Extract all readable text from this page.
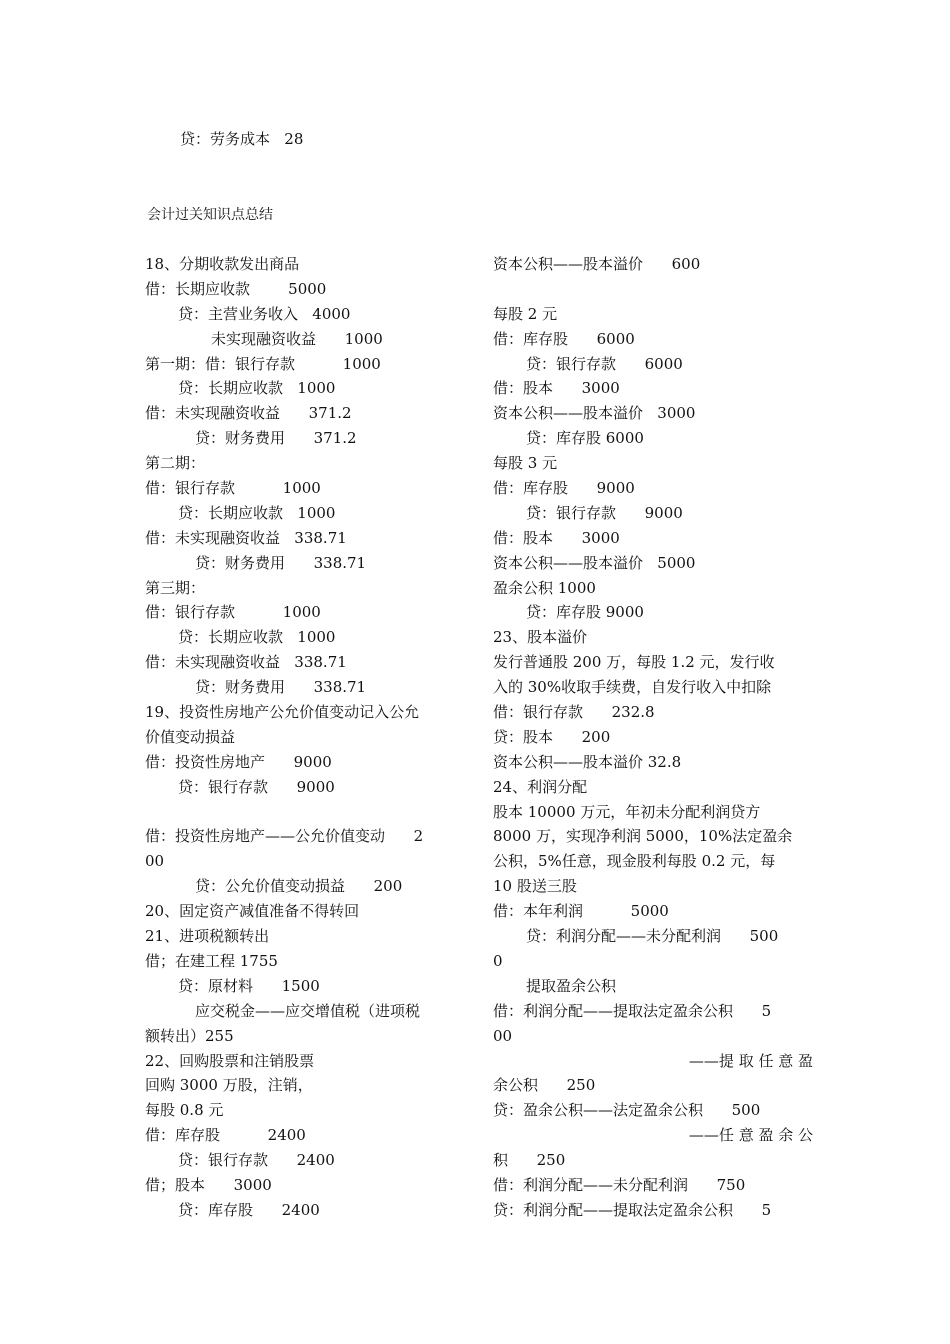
贷：劳务成本   28
会计过关知识点总结
18、分期收款发出商品
借：长期应收款        5000
贷：主营业务收入   4000
未实现融资收益      1000
第一期：借：银行存款          1000
贷：长期应收款   1000
借：未实现融资收益      371.2
贷：财务费用      371.2
第二期：
借：银行存款          1000
贷：长期应收款   1000
借：未实现融资收益   338.71
贷：财务费用      338.71
第三期：
借：银行存款          1000
贷：长期应收款   1000
借：未实现融资收益   338.71
贷：财务费用      338.71
19、投资性房地产公允价值变动记入公允
价值变动损益
借：投资性房地产      9000
贷：银行存款      9000
借：投资性房地产——公允价值变动      2
00
贷：公允价值变动损益      200
20、固定资产减值准备不得转回
21、进项税额转出
借；在建工程 1755
贷：原材料      1500
应交税金——应交增值税（进项税
额转出）255
22、回购股票和注销股票
回购 3000 万股，注销，
每股 0.8 元
借：库存股          2400
贷：银行存款      2400
借；股本      3000
贷：库存股      2400
资本公积——股本溢价      600
每股 2 元
借：库存股      6000
贷：银行存款      6000
借：股本      3000
资本公积——股本溢价   3000
贷：库存股 6000
每股 3 元
借：库存股      9000
贷：银行存款      9000
借：股本      3000
资本公积——股本溢价   5000
盈余公积 1000
贷：库存股 9000
23、股本溢价
发行普通股 200 万，每股 1.2 元，发行收
入的 30%收取手续费，自发行收入中扣除
借：银行存款      232.8
贷：股本      200
资本公积——股本溢价 32.8
24、利润分配
股本 10000 万元，年初未分配利润贷方
8000 万，实现净利润 5000，10%法定盈余
公积，5%任意，现金股利每股 0.2 元，每
10 股送三股
借：本年利润          5000
贷：利润分配——未分配利润      500
0
提取盈余公积
借：利润分配——提取法定盈余公积      5
00
——提 取 任 意 盈
余公积      250
贷：盈余公积——法定盈余公积      500
——任 意 盈 余 公
积      250
借：利润分配——未分配利润      750
贷：利润分配——提取法定盈余公积      5
